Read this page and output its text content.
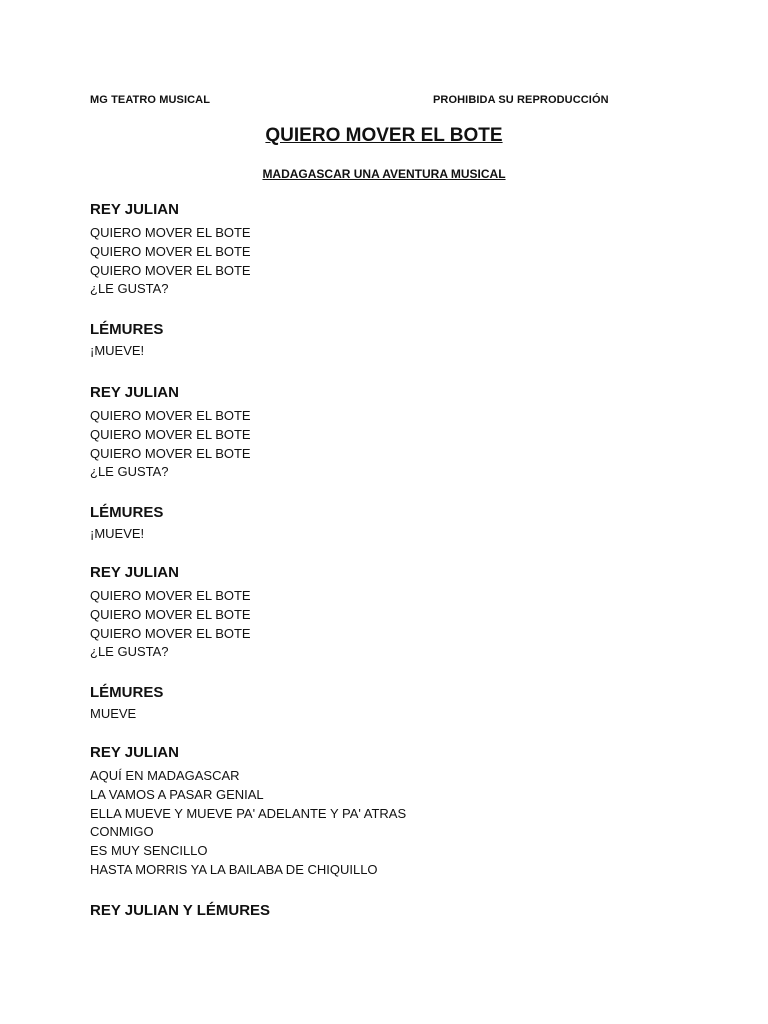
MG TEATRO MUSICAL	PROHIBIDA SU REPRODUCCIÓN
QUIERO MOVER EL BOTE
MADAGASCAR UNA AVENTURA MUSICAL
REY JULIAN
QUIERO MOVER EL BOTE
QUIERO MOVER EL BOTE
QUIERO MOVER EL BOTE
¿LE GUSTA?
LÉMURES
¡MUEVE!
REY JULIAN
QUIERO MOVER EL BOTE
QUIERO MOVER EL BOTE
QUIERO MOVER EL BOTE
¿LE GUSTA?
LÉMURES
¡MUEVE!
REY JULIAN
QUIERO MOVER EL BOTE
QUIERO MOVER EL BOTE
QUIERO MOVER EL BOTE
¿LE GUSTA?
LÉMURES
MUEVE
REY JULIAN
AQUÍ EN MADAGASCAR
LA VAMOS A PASAR GENIAL
ELLA MUEVE Y MUEVE PA' ADELANTE Y PA' ATRAS
CONMIGO
ES MUY SENCILLO
HASTA MORRIS YA LA BAILABA DE CHIQUILLO
REY JULIAN Y LÉMURES
